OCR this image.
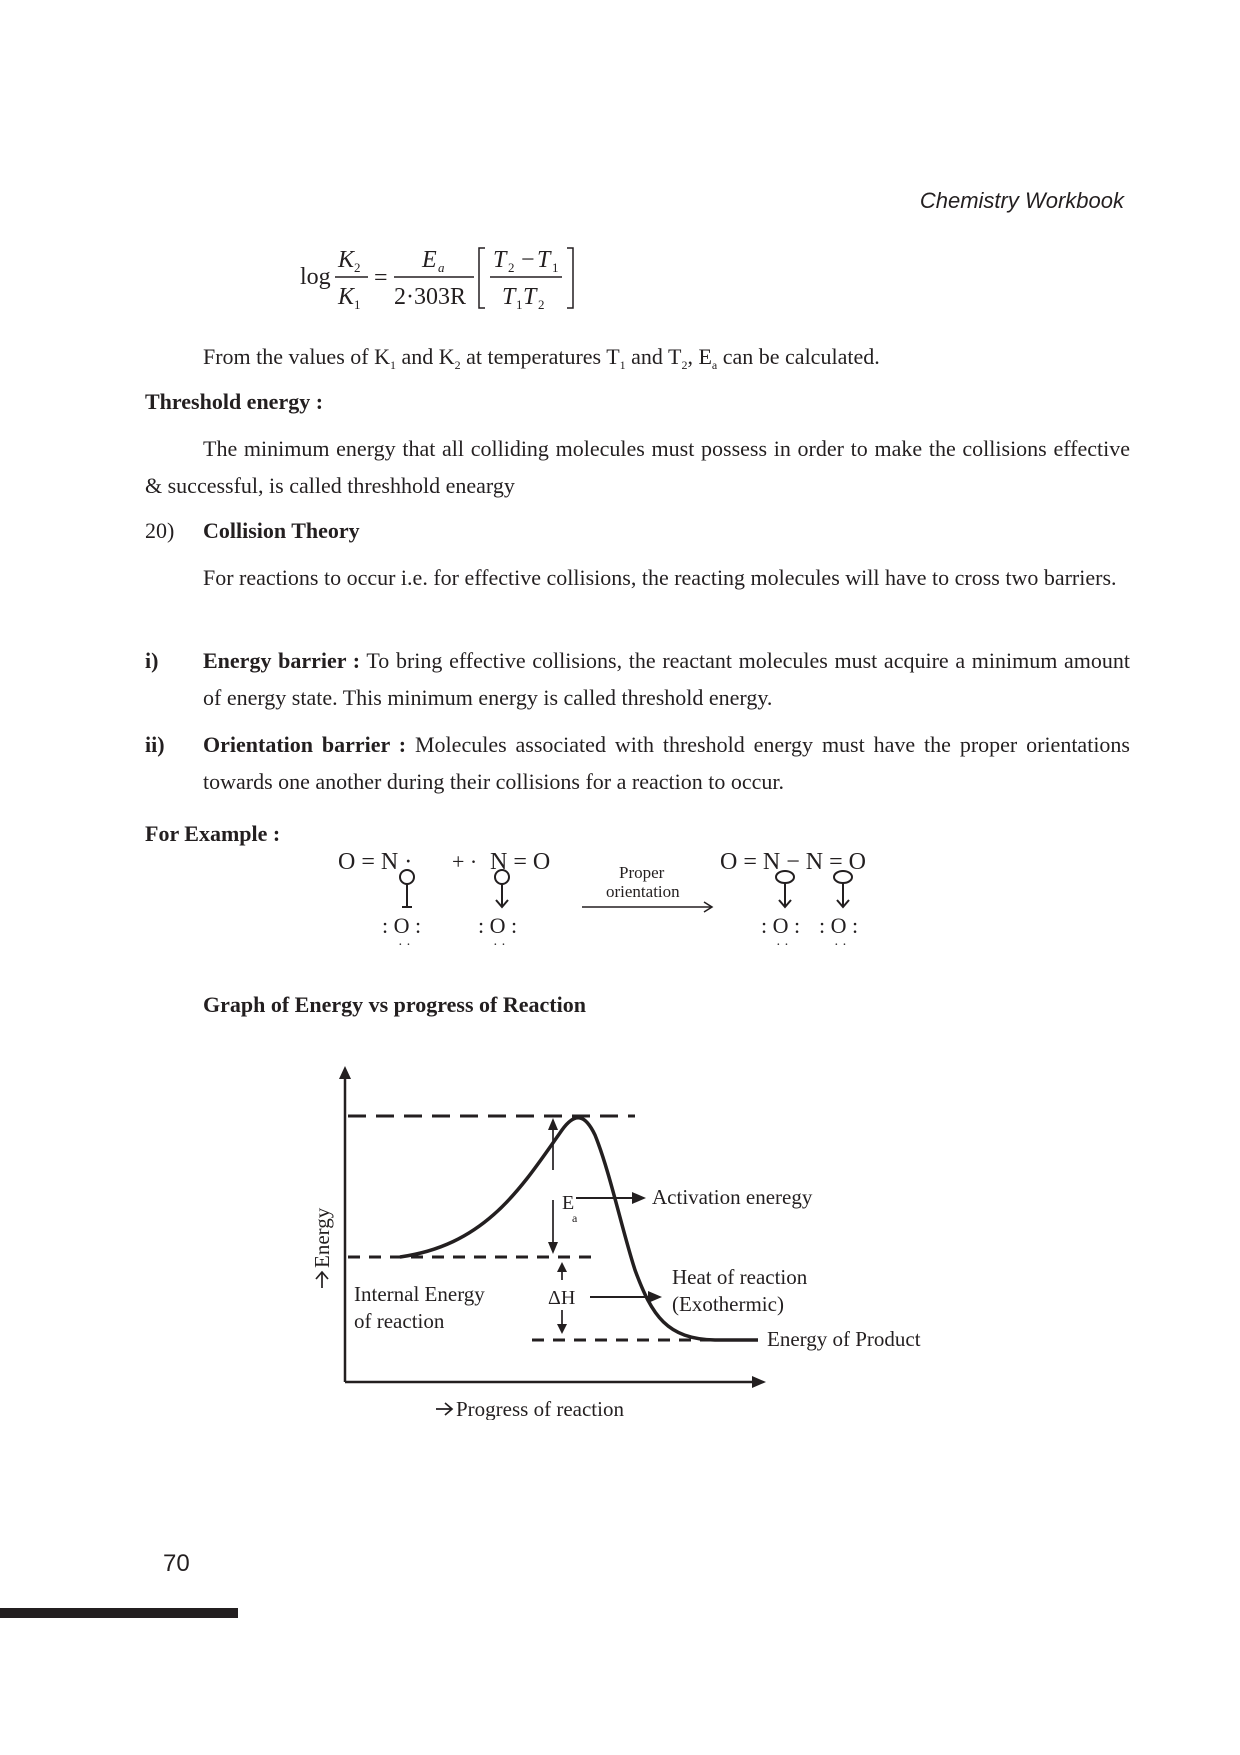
Chemistry Workbook
log
K 2
K 1
=
E a
2·303R
T 2 − T 1
T 1 T 2
From the values of $K_1$ and $K_2$ at temperatures $T_1$ and $T_2$, $E_a$ can be calculated.
Threshold energy :
The minimum energy that all colliding molecules must possess in order to make the collisions effective & successful, is called threshhold eneargy
20) Collision Theory
For reactions to occur i.e. for effective collisions, the reacting molecules will have to cross two barriers.
i) Energy barrier : To bring effective collisions, the reactant molecules must acquire a minimum amount of energy state. This minimum energy is called threshold energy.
ii) Orientation barrier : Molecules associated with threshold energy must have the proper orientations towards one another during their collisions for a reaction to occur.
For Example :
O = N · + · N = O
: O :
· ·
: O :
· ·
Proper
orientation
O = N − N = O
: O :
· ·
: O :
· ·
Graph of Energy vs progress of Reaction
E
a
Activation eneregy
ΔH
Heat of reaction
(Exothermic)
Internal Energy
of reaction
Energy of Product
Energy
Progress of reaction
70
